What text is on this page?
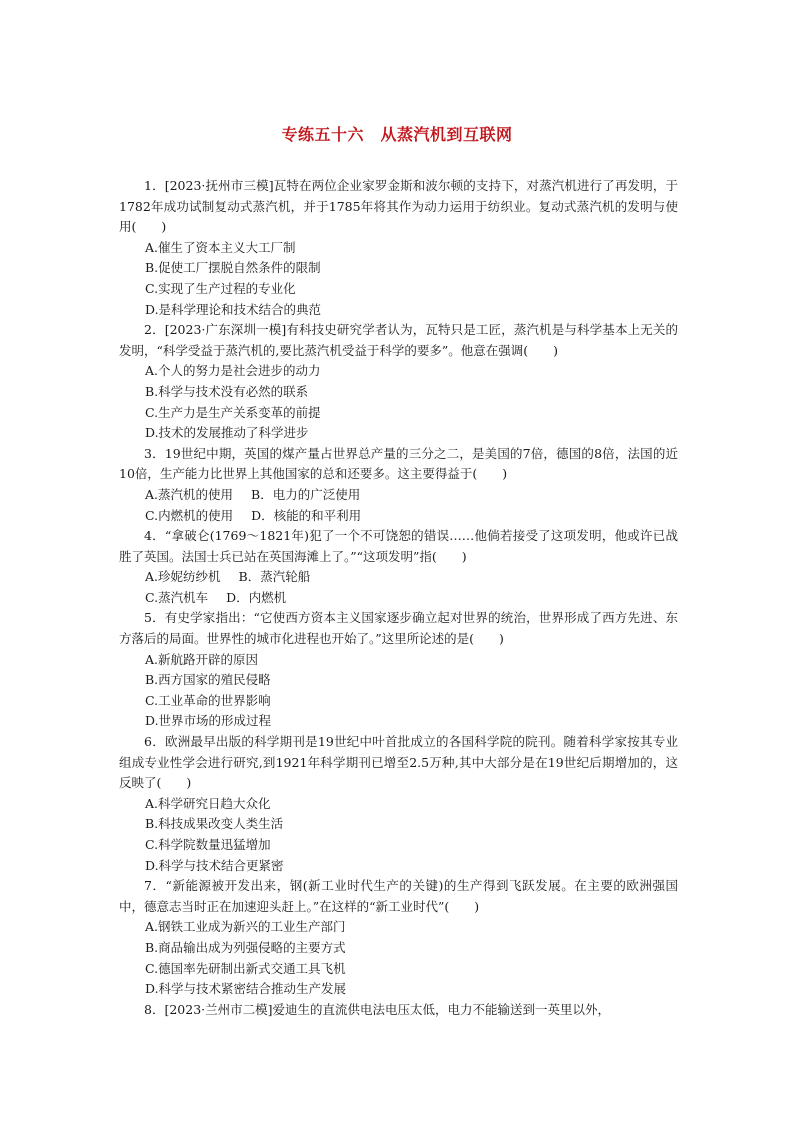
专练五十六　从蒸汽机到互联网

1．[2023·抚州市三模]瓦特在两位企业家罗金斯和波尔顿的支持下，对蒸汽机进行了再发明，于1782年成功试制复动式蒸汽机，并于1785年将其作为动力运用于纺织业。复动式蒸汽机的发明与使用(　　)

A.催生了资本主义大工厂制

B.促使工厂摆脱自然条件的限制

C.实现了生产过程的专业化

D.是科学理论和技术结合的典范

2．[2023·广东深圳一模]有科技史研究学者认为，瓦特只是工匠，蒸汽机是与科学基本上无关的发明，“科学受益于蒸汽机的,要比蒸汽机受益于科学的要多”。他意在强调(　　)

A.个人的努力是社会进步的动力

B.科学与技术没有必然的联系

C.生产力是生产关系变革的前提

D.技术的发展推动了科学进步

3．19世纪中期，英国的煤产量占世界总产量的三分之二，是美国的7倍，德国的8倍，法国的近10倍，生产能力比世界上其他国家的总和还要多。这主要得益于(　　)

A.蒸汽机的使用 B．电力的广泛使用

C.内燃机的使用 D．核能的和平利用

4．“拿破仑(1769～1821年)犯了一个不可饶恕的错误……他倘若接受了这项发明，他或许已战胜了英国。法国士兵已站在英国海滩上了。”“这项发明”指(　　)

A.珍妮纺纱机 B．蒸汽轮船

C.蒸汽机车 D．内燃机

5．有史学家指出：“它使西方资本主义国家逐步确立起对世界的统治，世界形成了西方先进、东方落后的局面。世界性的城市化进程也开始了。”这里所论述的是(　　)

A.新航路开辟的原因

B.西方国家的殖民侵略

C.工业革命的世界影响

D.世界市场的形成过程

6．欧洲最早出版的科学期刊是19世纪中叶首批成立的各国科学院的院刊。随着科学家按其专业组成专业性学会进行研究,到1921年科学期刊已增至2.5万种,其中大部分是在19世纪后期增加的，这反映了(　　)

A.科学研究日趋大众化

B.科技成果改变人类生活

C.科学院数量迅猛增加

D.科学与技术结合更紧密

7．“新能源被开发出来，钢(新工业时代生产的关键)的生产得到飞跃发展。在主要的欧洲强国中，德意志当时正在加速迎头赶上。”在这样的“新工业时代”(　　)

A.钢铁工业成为新兴的工业生产部门

B.商品输出成为列强侵略的主要方式

C.德国率先研制出新式交通工具飞机

D.科学与技术紧密结合推动生产发展

8．[2023·兰州市二模]爱迪生的直流供电法电压太低，电力不能输送到一英里以外，
